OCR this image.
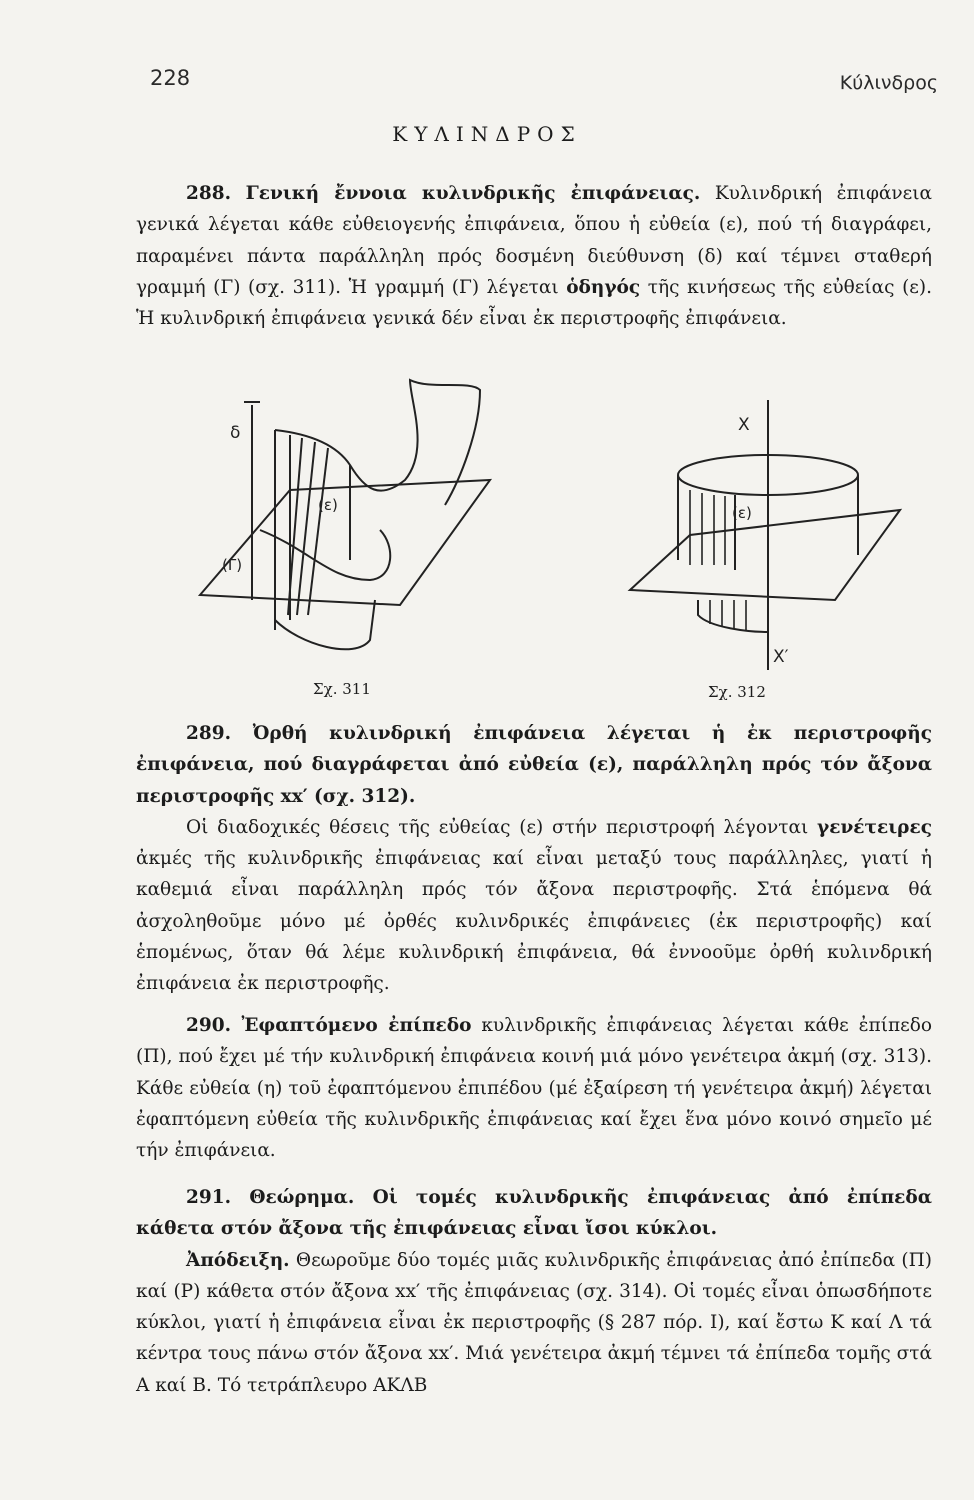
228	Κύλινδρος
ΚΥΛΙΝΔΡΟΣ

288. Γενική ἔννοια κυλινδρικῆς ἐπιφάνειας. Κυλινδρική ἐπιφάνεια γενικά λέγεται κάθε εὐθειογενής ἐπιφάνεια, ὅπου ἡ εὐθεία (ε), πού τή διαγράφει, παραμένει πάντα παράλληλη πρός δοσμένη διεύθυνση (δ) καί τέμνει σταθερή γραμμή (Γ) (σχ. 311). Ἡ γραμμή (Γ) λέγεται ὁδηγός τῆς κινήσεως τῆς εὐθείας (ε). Ἡ κυλινδρική ἐπιφάνεια γενικά δέν εἶναι ἐκ περιστροφῆς ἐπιφάνεια.

δ
(ε)
(Γ)
Σχ. 311
X
X′
(ε)
Σχ. 312

289. Ὀρθή κυλινδρική ἐπιφάνεια λέγεται ἡ ἐκ περιστροφῆς ἐπιφάνεια, πού διαγράφεται ἀπό εὐθεία (ε), παράλληλη πρός τόν ἄξονα περιστροφῆς xx′ (σχ. 312).

Οἱ διαδοχικές θέσεις τῆς εὐθείας (ε) στήν περιστροφή λέγονται γενέτειρες ἀκμές τῆς κυλινδρικῆς ἐπιφάνειας καί εἶναι μεταξύ τους παράλληλες, γιατί ἡ καθεμιά εἶναι παράλληλη πρός τόν ἄξονα περιστροφῆς. Στά ἑπόμενα θά ἀσχοληθοῦμε μόνο μέ ὀρθές κυλινδρικές ἐπιφάνειες (ἐκ περιστροφῆς) καί ἑπομένως, ὅταν θά λέμε κυλινδρική ἐπιφάνεια, θά ἐννοοῦμε ὀρθή κυλινδρική ἐπιφάνεια ἐκ περιστροφῆς.

290. Ἐφαπτόμενο ἐπίπεδο κυλινδρικῆς ἐπιφάνειας λέγεται κάθε ἐπίπεδο (Π), πού ἔχει μέ τήν κυλινδρική ἐπιφάνεια κοινή μιά μόνο γενέτειρα ἀκμή (σχ. 313). Κάθε εὐθεία (η) τοῦ ἐφαπτόμενου ἐπιπέδου (μέ ἐξαίρεση τή γενέτειρα ἀκμή) λέγεται ἐφαπτόμενη εὐθεία τῆς κυλινδρικῆς ἐπιφάνειας καί ἔχει ἕνα μόνο κοινό σημεῖο μέ τήν ἐπιφάνεια.

291. Θεώρημα. Οἱ τομές κυλινδρικῆς ἐπιφάνειας ἀπό ἐπίπεδα κάθετα στόν ἄξονα τῆς ἐπιφάνειας εἶναι ἴσοι κύκλοι.

Ἀπόδειξη. Θεωροῦμε δύο τομές μιᾶς κυλινδρικῆς ἐπιφάνειας ἀπό ἐπίπεδα (Π) καί (Ρ) κάθετα στόν ἄξονα xx′ τῆς ἐπιφάνειας (σχ. 314). Οἱ τομές εἶναι ὁπωσδήποτε κύκλοι, γιατί ἡ ἐπιφάνεια εἶναι ἐκ περιστροφῆς (§ 287 πόρ. Ι), καί ἔστω Κ καί Λ τά κέντρα τους πάνω στόν ἄξονα xx′. Μιά γενέτειρα ἀκμή τέμνει τά ἐπίπεδα τομῆς στά Α καί Β. Τό τετράπλευρο ΑΚΛΒ
